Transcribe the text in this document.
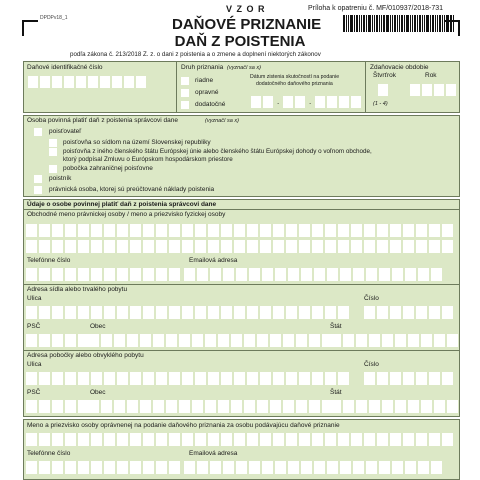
DPDPv18_1
V Z O R	Príloha k opatreniu č. MF/010937/2018-731
DAŇOVÉ PRIZNANIE
DAŇ Z POISTENIA
podľa zákona č. 213/2018 Z. z. o dani z poistenia a o zmene a doplnení niektorých zákonov
Daňové identifikačné číslo	Druh priznania (vyznačí sa x)
riadne
opravné
dodatočné
Dátum zistenia skutočností na podanie
dodatočného daňového priznania
.	.
Zdaňovacie obdobie
Štvrťrok	Rok
(1 - 4)
Osoba povinná platiť daň z poistenia správcovi dane	(vyznačí sa x)
poisťovateľ
poisťovňa so sídlom na území Slovenskej republiky
poisťovňa z iného členského štátu Európskej únie alebo členského štátu Európskej dohody o voľnom obchode,
ktorý podpísal Zmluvu o Európskom hospodárskom priestore
pobočka zahraničnej poisťovne
poistník
právnická osoba, ktorej sú preúčtované náklady poistenia
Údaje o osobe povinnej platiť daň z poistenia správcovi dane
Obchodné meno právnickej osoby / meno a priezvisko fyzickej osoby
Telefónne číslo	Emailová adresa
Adresa sídla alebo trvalého pobytu
Ulica	Číslo
PSČ	Obec	Štát
Adresa pobočky alebo obvyklého pobytu
Ulica	Číslo
PSČ	Obec	Štát
Meno a priezvisko osoby oprávnenej na podanie daňového priznania za osobu podávajúcu daňové priznanie
Telefónne číslo	Emailová adresa
